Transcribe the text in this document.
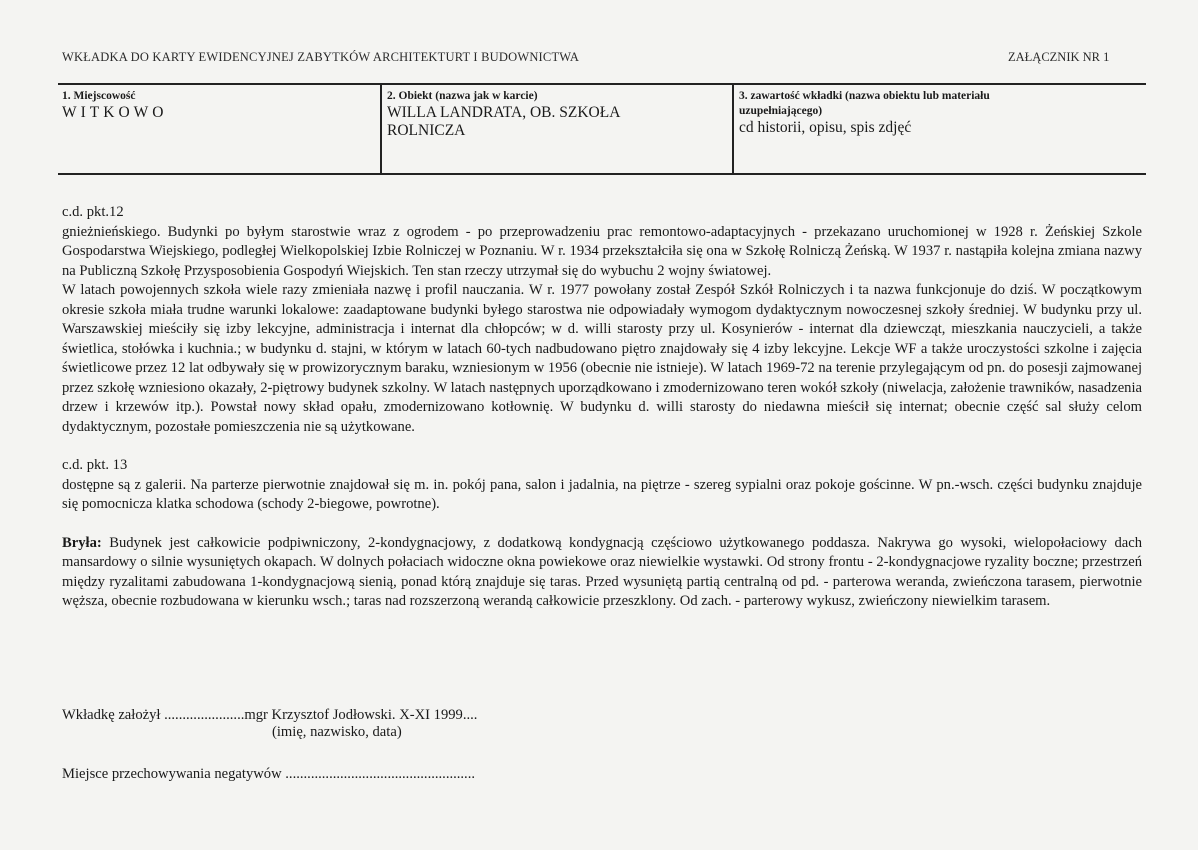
WKŁADKA DO KARTY EWIDENCYJNEJ ZABYTKÓW ARCHITEKTURT I BUDOWNICTWA	ZAŁĄCZNIK NR 1
1. Miejscowość
WITKOWO
2. Obiekt (nazwa jak w karcie)
WILLA LANDRATA, OB. SZKOŁA
ROLNICZA
3. zawartość wkładki (nazwa obiektu lub materiału
uzupełniającego)
cd historii, opisu, spis zdjęć

c.d. pkt.12

gnieżnieńskiego. Budynki po byłym starostwie wraz z ogrodem - po przeprowadzeniu prac remontowo-adaptacyjnych - przekazano uruchomionej w 1928 r. Żeńskiej Szkole Gospodarstwa Wiejskiego, podległej Wielkopolskiej Izbie Rolniczej w Poznaniu. W r. 1934 przekształciła się ona w Szkołę Rolniczą Żeńską. W 1937 r. nastąpiła kolejna zmiana nazwy na Publiczną Szkołę Przysposobienia Gospodyń Wiejskich. Ten stan rzeczy utrzymał się do wybuchu 2 wojny światowej.

W latach powojennych szkoła wiele razy zmieniała nazwę i profil nauczania. W r. 1977 powołany został Zespół Szkół Rolniczych i ta nazwa funkcjonuje do dziś. W początkowym okresie szkoła miała trudne warunki lokalowe: zaadaptowane budynki byłego starostwa nie odpowiadały wymogom dydaktycznym nowoczesnej szkoły średniej. W budynku przy ul. Warszawskiej mieściły się izby lekcyjne, administracja i internat dla chłopców; w d. willi starosty przy ul. Kosynierów - internat dla dziewcząt, mieszkania nauczycieli, a także świetlica, stołówka i kuchnia.; w budynku d. stajni, w którym w latach 60-tych nadbudowano piętro znajdowały się 4 izby lekcyjne. Lekcje WF a także uroczystości szkolne i zajęcia świetlicowe przez 12 lat odbywały się w prowizorycznym baraku, wzniesionym w 1956 (obecnie nie istnieje). W latach 1969-72 na terenie przylegającym od pn. do posesji zajmowanej przez szkołę wzniesiono okazały, 2-piętrowy budynek szkolny. W latach następnych uporządkowano i zmodernizowano teren wokół szkoły (niwelacja, założenie trawników, nasadzenia drzew i krzewów itp.). Powstał nowy skład opału, zmodernizowano kotłownię. W budynku d. willi starosty do niedawna mieścił się internat; obecnie część sal służy celom dydaktycznym, pozostałe pomieszczenia nie są użytkowane.

c.d. pkt. 13

dostępne są z galerii. Na parterze pierwotnie znajdował się m. in. pokój pana, salon i jadalnia, na piętrze - szereg sypialni oraz pokoje gościnne. W pn.-wsch. części budynku znajduje się pomocnicza klatka schodowa (schody 2-biegowe, powrotne).

Bryła: Budynek jest całkowicie podpiwniczony, 2-kondygnacjowy, z dodatkową kondygnacją częściowo użytkowanego poddasza. Nakrywa go wysoki, wielopołaciowy dach mansardowy o silnie wysuniętych okapach. W dolnych połaciach widoczne okna powiekowe oraz niewielkie wystawki. Od strony frontu - 2-kondygnacjowe ryzality boczne; przestrzeń między ryzalitami zabudowana 1-kondygnacjową sienią, ponad którą znajduje się taras. Przed wysuniętą partią centralną od pd. - parterowa weranda, zwieńczona tarasem, pierwotnie węższa, obecnie rozbudowana w kierunku wsch.; taras nad rozszerzoną werandą całkowicie przeszklony. Od zach. - parterowy wykusz, zwieńczony niewielkim tarasem.

Wkładkę założył ......................mgr Krzysztof Jodłowski. X-XI 1999....
(imię, nazwisko, data)
Miejsce przechowywania negatywów ....................................................
